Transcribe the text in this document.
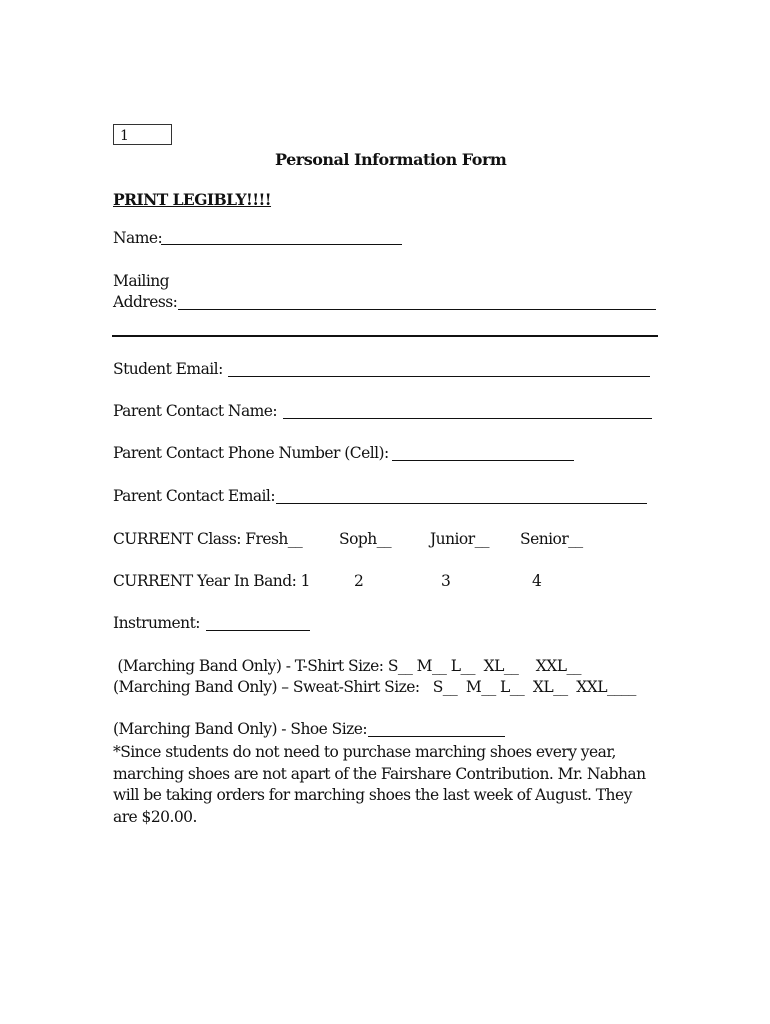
1
Personal Information Form
PRINT LEGIBLY!!!!
Name:
Mailing
Address:
Student Email:
Parent Contact Name:
Parent Contact Phone Number (Cell):
Parent Contact Email:
CURRENT Class: Fresh__ Soph__	Junior__ Senior__
CURRENT Year In Band: 1	2	3	4
Instrument:
(Marching Band Only) - T-Shirt Size: S__ M__ L__  XL__    XXL__
(Marching Band Only) – Sweat-Shirt Size:   S__  M__ L__  XL__  XXL____
(Marching Band Only) - Shoe Size:
*Since students do not need to purchase marching shoes every year,
marching shoes are not apart of the Fairshare Contribution. Mr. Nabhan
will be taking orders for marching shoes the last week of August. They
are $20.00.
